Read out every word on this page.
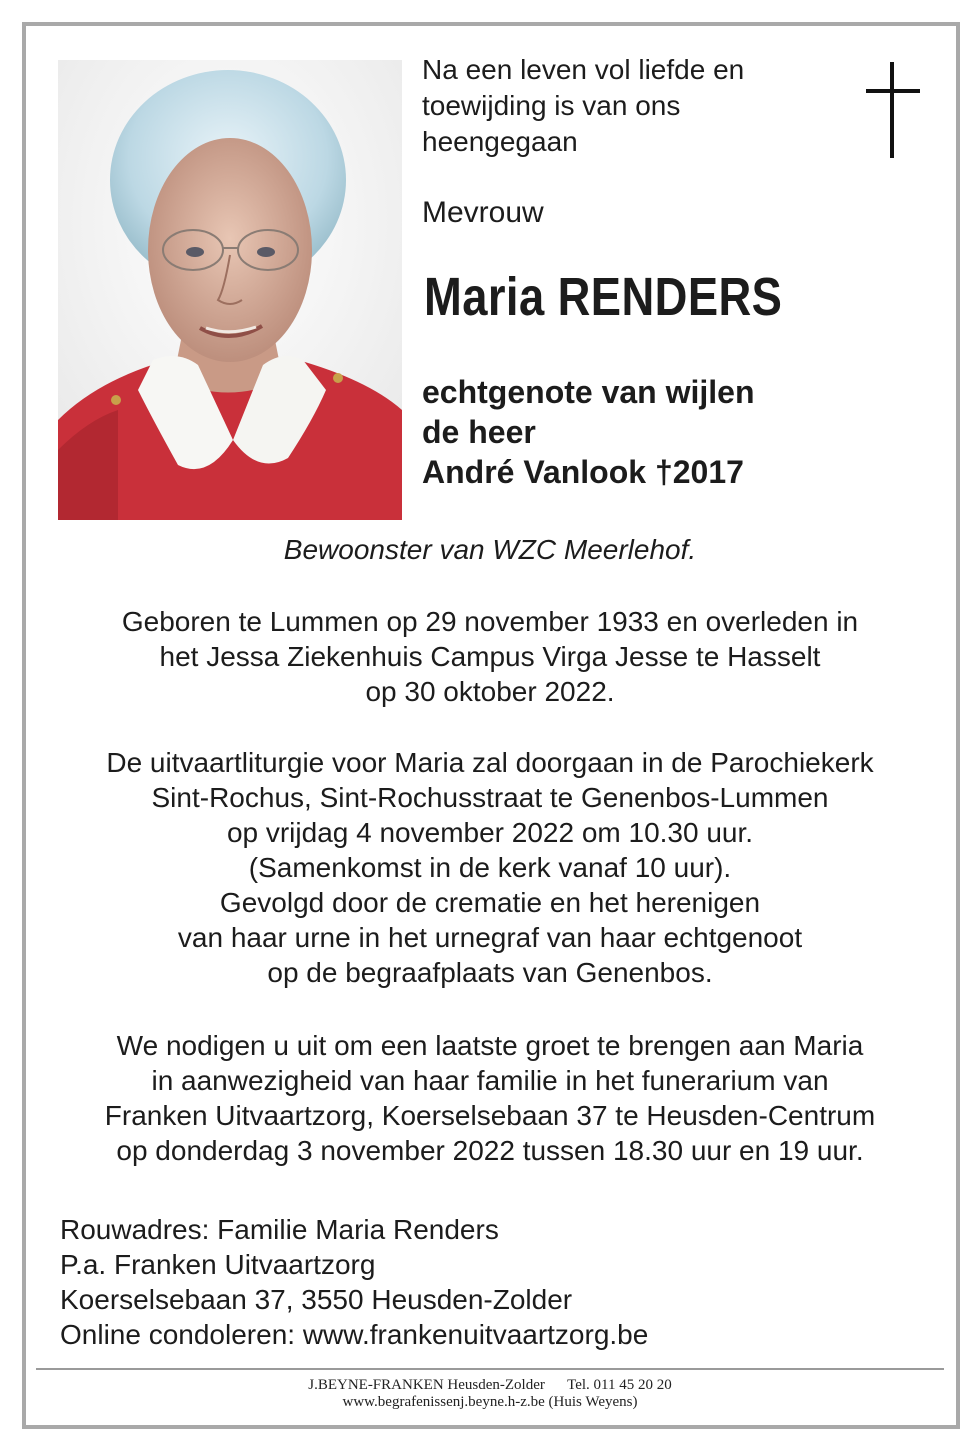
Na een leven vol liefde en
toewijding is van ons
heengegaan
Mevrouw
Maria RENDERS
echtgenote van wijlen
de heer
André Vanlook †2017
Bewoonster van WZC Meerlehof.
Geboren te Lummen op 29 november 1933 en overleden in
het Jessa Ziekenhuis Campus Virga Jesse te Hasselt
op 30 oktober 2022.
De uitvaartliturgie voor Maria zal doorgaan in de Parochiekerk
Sint-Rochus, Sint-Rochusstraat te Genenbos-Lummen
op vrijdag 4 november 2022 om 10.30 uur.
(Samenkomst in de kerk vanaf 10 uur).
Gevolgd door de crematie en het herenigen
van haar urne in het urnegraf van haar echtgenoot
op de begraafplaats van Genenbos.
We nodigen u uit om een laatste groet te brengen aan Maria
in aanwezigheid van haar familie in het funerarium van
Franken Uitvaartzorg, Koerselsebaan 37 te Heusden-Centrum
op donderdag 3 november 2022 tussen 18.30 uur en 19 uur.
Rouwadres: Familie Maria Renders
P.a. Franken Uitvaartzorg
Koerselsebaan 37, 3550 Heusden-Zolder
Online condoleren: www.frankenuitvaartzorg.be
J.BEYNE-FRANKEN Heusden-Zolder Tel. 011 45 20 20
www.begrafenissenj.beyne.h-z.be (Huis Weyens)
